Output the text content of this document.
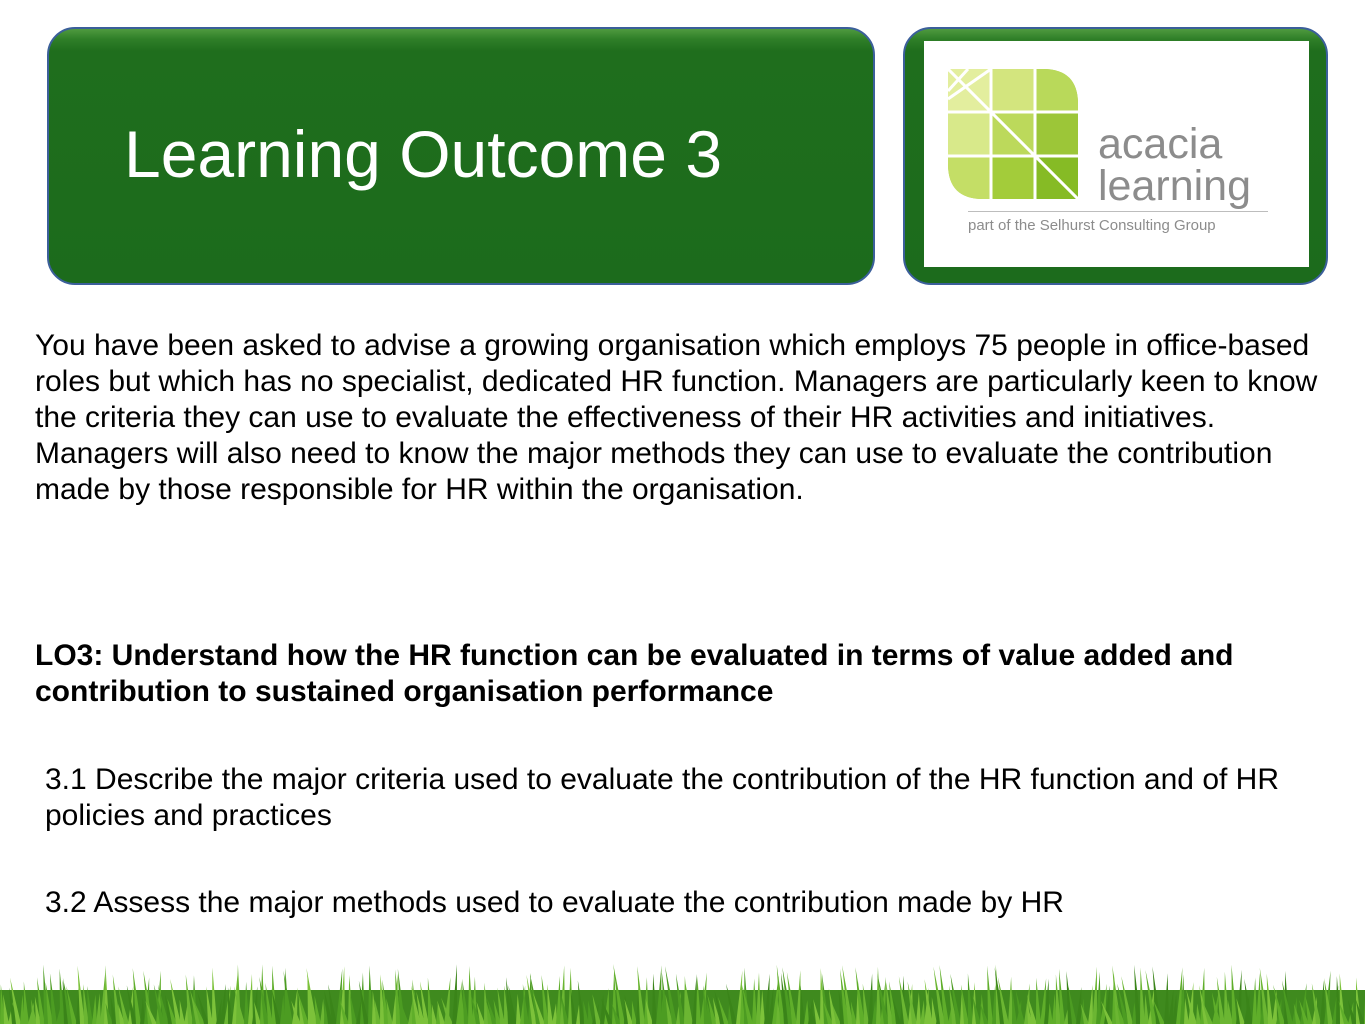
Learning Outcome 3	acacia
learning
part of the Selhurst Consulting Group

You have been asked to advise a growing organisation which employs 75 people in office-based roles but which has no specialist, dedicated HR function. Managers are particularly keen to know the criteria they can use to evaluate the effectiveness of their HR activities and initiatives. Managers will also need to know the major methods they can use to evaluate the contribution made by those responsible for HR within the organisation.

LO3: Understand how the HR function can be evaluated in terms of value added and contribution to sustained organisation performance

3.1 Describe the major criteria used to evaluate the contribution of the HR function and of HR policies and practices

3.2 Assess the major methods used to evaluate the contribution made by HR
